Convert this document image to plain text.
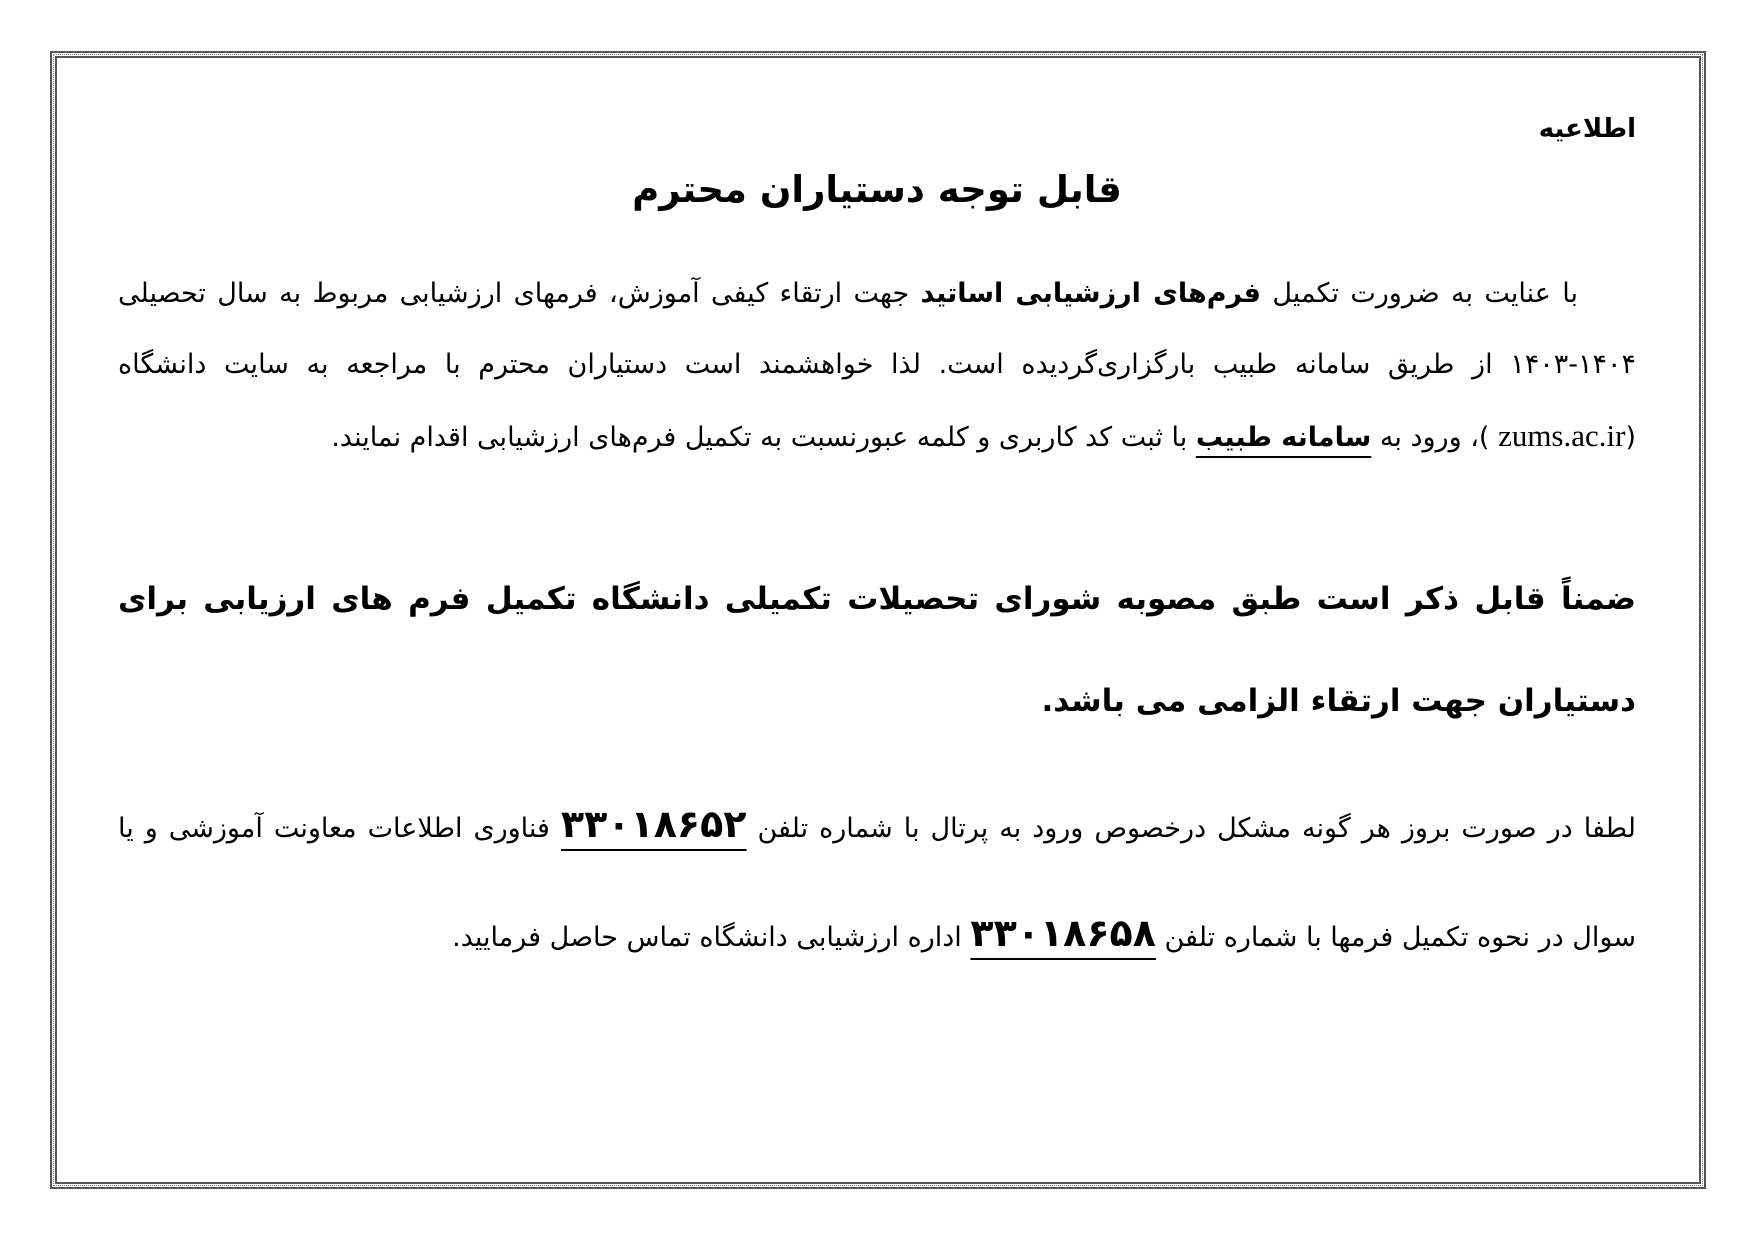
اطلاعیه

قابل توجه دستیاران محترم

با عنایت به ضرورت تکمیل فرم‌های ارزشیابی اساتید جهت ارتقاء کیفی آموزش، فرمهای ارزشیابی مربوط به سال تحصیلی ۱۴۰۴-۱۴۰۳ از طریق سامانه طبیب بارگزاری‌گردیده است. لذا خواهشمند است دستیاران محترم با مراجعه به سایت دانشگاه (zums.ac.ir )، ورود به سامانه طبیب با ثبت کد کاربری و کلمه عبورنسبت به تکمیل فرم‌های ارزشیابی اقدام نمایند.

ضمناً قابل ذکر است طبق مصوبه شورای تحصیلات تکمیلی دانشگاه تکمیل فرم های ارزیابی برای دستیاران جهت ارتقاء الزامی می باشد.

لطفا در صورت بروز هر گونه مشکل درخصوص ورود به پرتال با شماره تلفن ۳۳۰۱۸۶۵۲ فناوری اطلاعات معاونت آموزشی و یا سوال در نحوه تکمیل فرمها با شماره تلفن ۳۳۰۱۸۶۵۸ اداره ارزشیابی دانشگاه تماس حاصل فرمایید.
